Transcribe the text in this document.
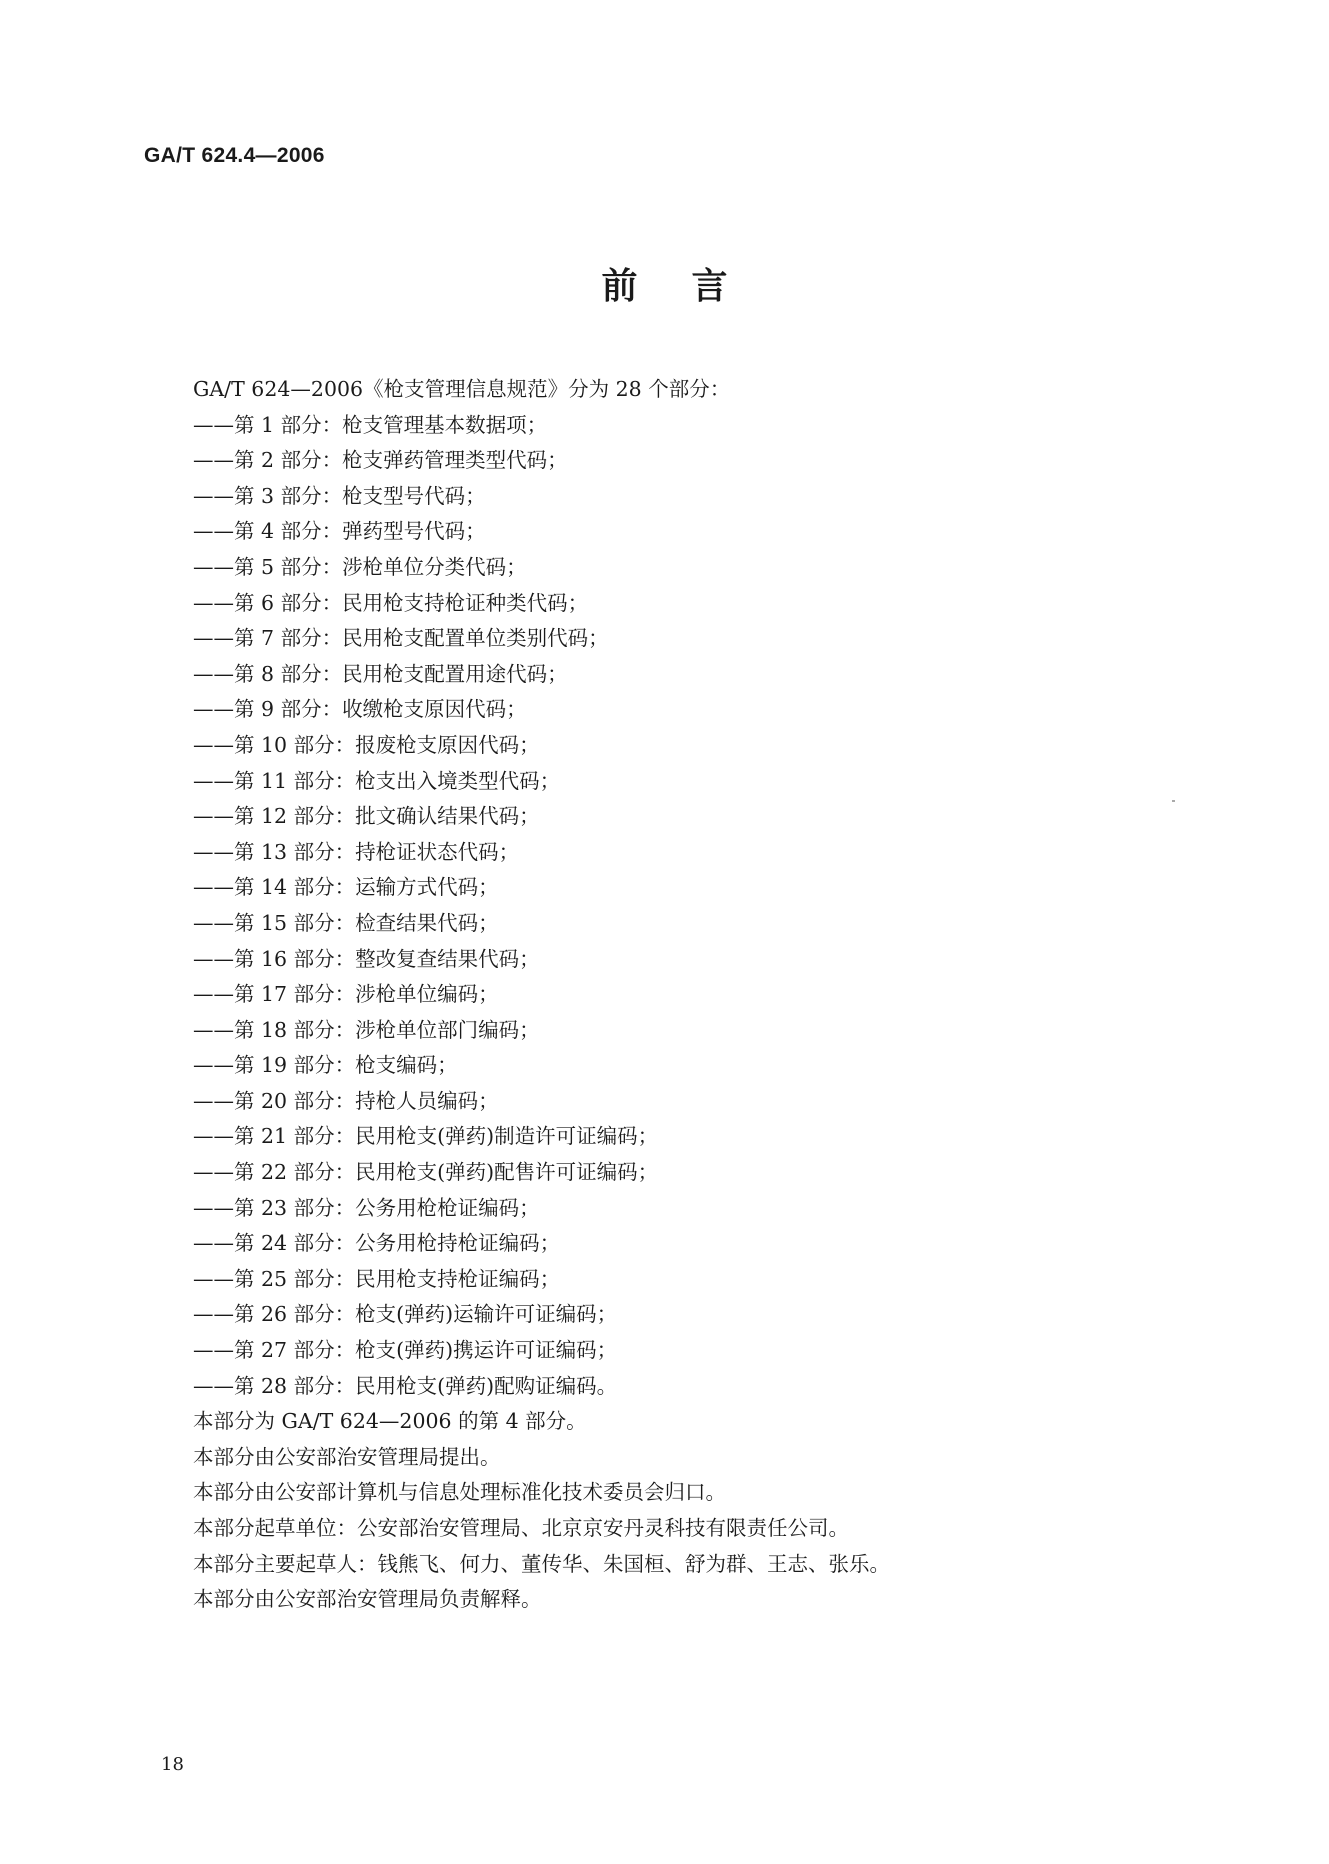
GA/T 624.4—2006
前言
GA/T 624—2006《枪支管理信息规范》分为 28 个部分：
——第 1 部分：枪支管理基本数据项；
——第 2 部分：枪支弹药管理类型代码；
——第 3 部分：枪支型号代码；
——第 4 部分：弹药型号代码；
——第 5 部分：涉枪单位分类代码；
——第 6 部分：民用枪支持枪证种类代码；
——第 7 部分：民用枪支配置单位类别代码；
——第 8 部分：民用枪支配置用途代码；
——第 9 部分：收缴枪支原因代码；
——第 10 部分：报废枪支原因代码；
——第 11 部分：枪支出入境类型代码；
——第 12 部分：批文确认结果代码；
——第 13 部分：持枪证状态代码；
——第 14 部分：运输方式代码；
——第 15 部分：检查结果代码；
——第 16 部分：整改复查结果代码；
——第 17 部分：涉枪单位编码；
——第 18 部分：涉枪单位部门编码；
——第 19 部分：枪支编码；
——第 20 部分：持枪人员编码；
——第 21 部分：民用枪支(弹药)制造许可证编码；
——第 22 部分：民用枪支(弹药)配售许可证编码；
——第 23 部分：公务用枪枪证编码；
——第 24 部分：公务用枪持枪证编码；
——第 25 部分：民用枪支持枪证编码；
——第 26 部分：枪支(弹药)运输许可证编码；
——第 27 部分：枪支(弹药)携运许可证编码；
——第 28 部分：民用枪支(弹药)配购证编码。
本部分为 GA/T 624—2006 的第 4 部分。
本部分由公安部治安管理局提出。
本部分由公安部计算机与信息处理标准化技术委员会归口。
本部分起草单位：公安部治安管理局、北京京安丹灵科技有限责任公司。
本部分主要起草人：钱熊飞、何力、董传华、朱国桓、舒为群、王志、张乐。
本部分由公安部治安管理局负责解释。
18
